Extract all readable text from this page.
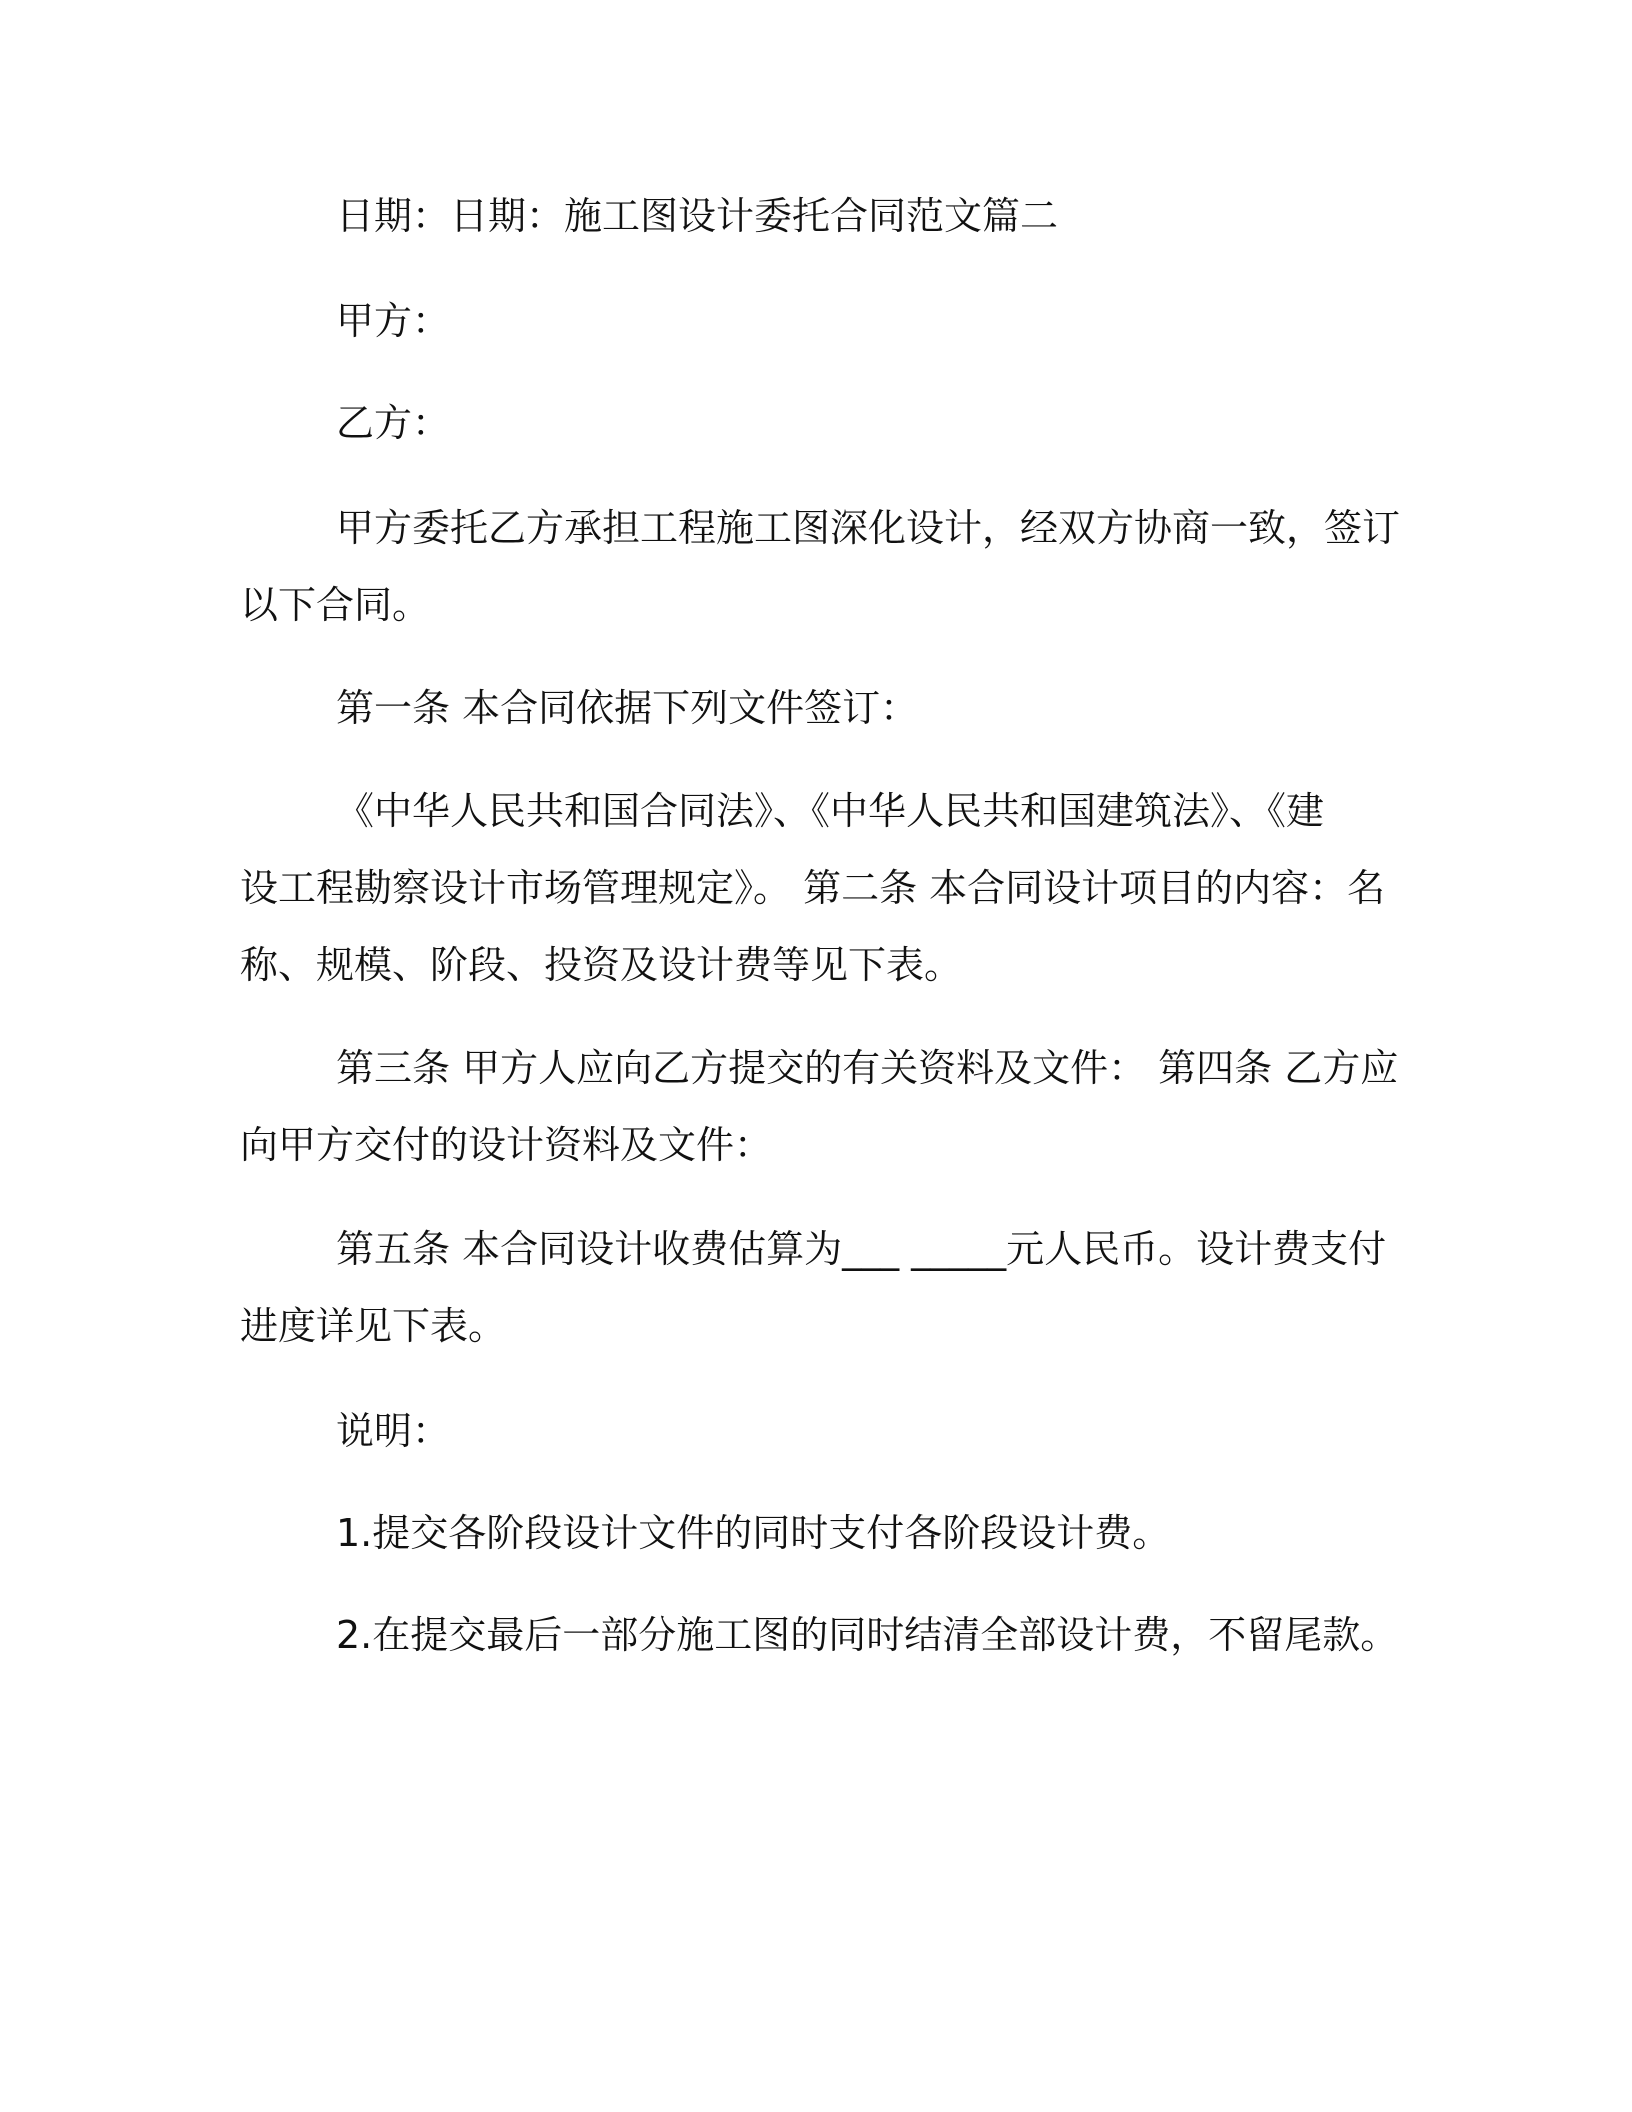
日期：日期：施工图设计委托合同范文篇二

甲方：

乙方：

甲方委托乙方承担工程施工图深化设计，经双方协商一致，签订
以下合同。

第一条 本合同依据下列文件签订：

《中华人民共和国合同法》、《中华人民共和国建筑法》、《建
设工程勘察设计市场管理规定》。 第二条 本合同设计项目的内容：名
称、规模、阶段、投资及设计费等见下表。

第三条 甲方人应向乙方提交的有关资料及文件： 第四条 乙方应
向甲方交付的设计资料及文件：

第五条 本合同设计收费估算为___ _____元人民币。设计费支付
进度详见下表。

说明：

1.提交各阶段设计文件的同时支付各阶段设计费。

2.在提交最后一部分施工图的同时结清全部设计费，不留尾款。
